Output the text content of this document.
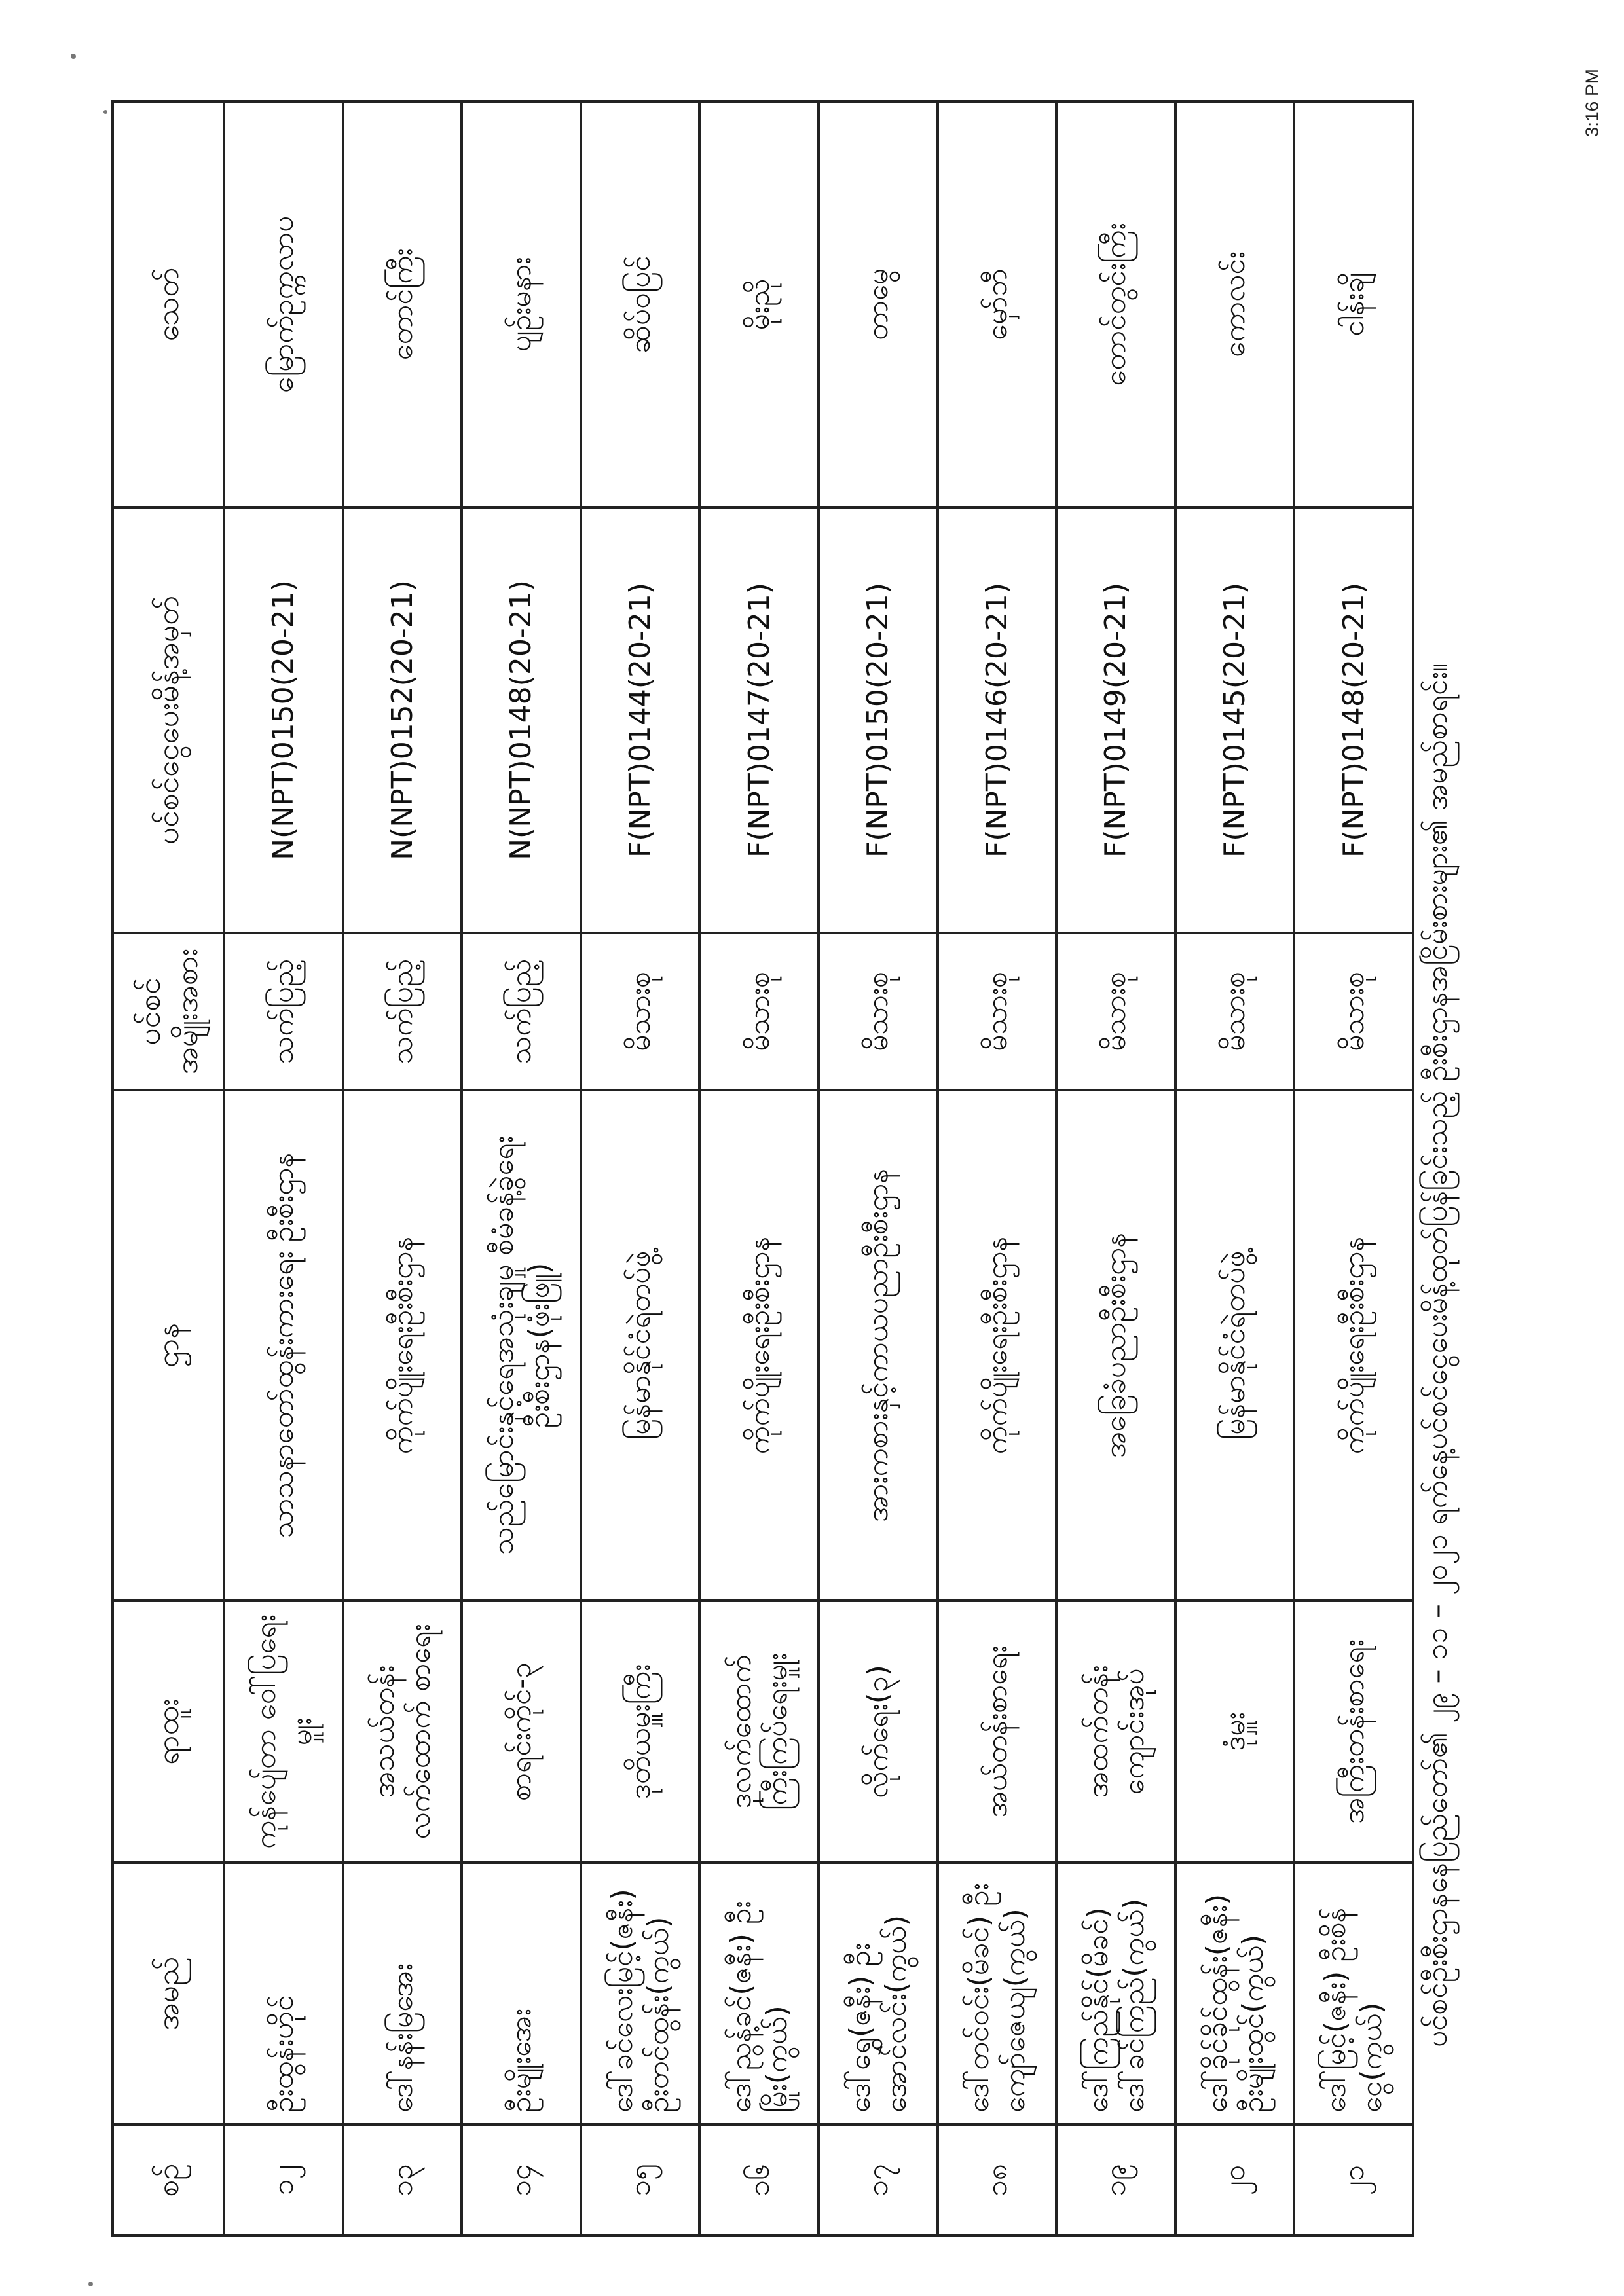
3:16 PM
ပင်စင်ဦးစီးဌာနနေပြည်တော်၏ ၂၉ – ၁၁ – ၂၀၂၁ ရက်နေ့ပင်စင်ငွေပေးမိန့်ထုတ်ပြန်ခြင်းသည့် ဦးစီးဌာနအငြိမ်းစားများ၏ အမည်စာရင်း။
စဉ်	အမည်	ရာထူး	ဌာန	ပင်စင် အမျိုးအစား	ပင်စင်ငွေပေးမိန့်အမှတ်	သေတ်
၁၂	ဦးထွန်းဟိုင်	ကုန်ပျ်ေတာ ဝေါ်ပြရေးမှုုး	သာသနာတော်ထွန်းကားရေး ဦးစီးဌာန	သက်ပြည့်	N(NPT)0150(20-21)	မြောက်ဥက္ကလာပ
၁၃	ဒေါ်နန်းမြအေး	အသယ်တန်းလက်ထောက် စာရေး	ကိုက်ပျိုးရေးဦးစီးဌာန	သက်ပြည့်	N(NPT)0152(20-21)	တောင်ကြီး
၁၄	ဦးမျိုးအေး	စာရင်းကိုင်-၃	သည်မြောင်းနှင့်ရေအသုံးချမှု စီမံခန့်ခွဲရေးဦးစီးဌာန(ဖုံးဖြူ)	သက်ပြည့်	N(NPT)0148(20-21)	ပျဉ်းမနား
၁၅	ဒေါ်ခင်လေးမြင့်(ဇနီး) ဦးတင်ထွန်း(ကွယ်)	ဒုတိယမှူးကြီး	မြန်မာနိုင်ငံရဲတပ်ဖွဲ့	မိသားစု	F(NPT)0144(20-21)	ဆိပ်ဝပြင်
၁၆	ဒေါ်ညွန့်ခင်(ဇနီး) ဦးမြိုး(ကွယ်)	ဒုလက်ထောက် ကြီးကြပ်ရေးမှုုး	ကိုက်ပျိုးရေးဦးစီးဌာန	မိသားစု	F(NPT)0147(20-21)	မိုးညို
၁၇	ဒေါ်ရွှေ(ဇနီး) ဦးအောင်လင်း(ကွယ်)	လိုက်ရေး(၃)	အားကစားနှင့်ကာယပညာဦးစီးဌာန	မိသားစု	F(NPT)0150(20-21)	တာမွေ
၁၈	ဒေါ်တင်ဝင်း(မိခင်) ဦးကျော်ဇေယျ(ကွယ်)	အယ်တန်းစာရေး	ကိုက်ပျိုးရေးဦးစီးဌာန	မိသားစု	F(NPT)0146(20-21)	မှော်ဘီ
၁၉	ဒေါ်ကြည်နိုင်(မိခင်) ဒေါ်ခင်ကြည်(ကွယ်)	အထက်တန်း ကျောင်းအုပ်	အခြေခံပညာဦးစီးဌာန	မိသားစု	F(NPT)0149(20-21)	တောင်တွင်းကြီး
၂၀	ဒေါ်ခိုင်ခိုင်ထွန်း(ဇနီး) ဦးမျိုးထွင်(ကွယ်)	ဒုံမှူး	မြန်မာနိုင်ငံရဲတပ်ဖွဲ့	မိသားစု	F(NPT)0145(20-21)	ကောလင်း
၂၁	ဒေါ်မြင့်(ဇနီး) ဦးစိန်ငွေ(ကွယ်)	အကြီးတန်းစာရေး	ကိုက်ပျိုးရေးဦးစီးဌာန	မိသားစု	F(NPT)0148(20-21)	ငါန်းချိ
